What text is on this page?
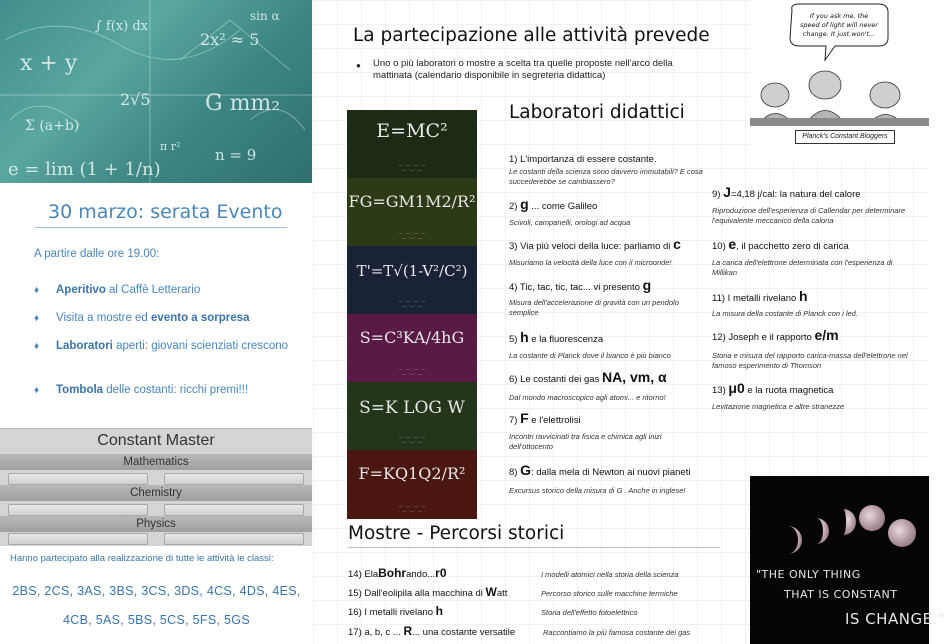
x + y
∫ f(x) dx
2x² ≈ 5
G mm₂
2√5
Σ (a+b)
e = lim (1 + 1/n)
n = 9
π r²
sin α
30 marzo: serata Evento
A partire dalle ore 19.00:
♦ Aperitivo al Caffè Letterario
♦ Visita a mostre ed evento a sorpresa
♦ Laboratori aperti: giovani scienziati crescono
♦ Tombola delle costanti: ricchi premi!!!
Constant Master
Mathematics
Chemistry
Physics
Hanno partecipato alla realizzazione di tutte le attività le classi:
2BS, 2CS, 3AS, 3BS, 3CS, 3DS, 4CS, 4DS, 4ES,
4CB, 5AS, 5BS, 5CS, 5FS, 5GS
La partecipazione alle attività prevede
● Uno o più laboratori o mostre a scelta tra quelle proposte nell'arco della mattinata (calendario disponibile in segreteria didattica)
E=MC²
— · — · — · —
— · — · —
FG=GM1M2/R²
— · — · — · —
— · — · —
T'=T√(1-V²/C²)
— · — · — · —
— · — · —
S=C³KA/4hG
— · — · — · —
— · — · —
S=K LOG W
— · — · — · —
— · — · —
F=KQ1Q2/R²
— · — · — · —
— · — · —
Laboratori didattici
1) L'importanza di essere costante.
Le costanti della scienza sono davvero immutabili? E cosa succederebbe se cambiassero?
2) g ... come Galileo
Scivoli, campanelli, orologi ad acqua
3) Via più veloci della luce: parliamo di c
Misuriamo la velocità della luce con il microonde!
4) Tic, tac, tic, tac... vi presento g
Misura dell'accelerazione di gravità con un pendolo semplice
5) h e la fluorescenza
La costante di Planck dove il bianco è più bianco
6) Le costanti dei gas NA, vm, α
Dal mondo macroscopico agli atomi... e ritorno!
7) F e l'elettrolisi
Incontri ravvicinati tra fisica e chimica agli inizi dell'ottocento
8) G: dalla mela di Newton ai nuovi pianeti
Excursus storico della misura di G . Anche in inglese!
9) J=4,18 j/cal: la natura del calore
Riproduzione dell'esperienza di Callendar per determinare l'equivalente meccanico della caloria
10) e, il pacchetto zero di carica
La carica dell'elettrone determinata con l'esperienza di Millikan
11) I metalli rivelano h
La misura della costante di Planck con i led.
12) Joseph e il rapporto e/m
Storia e misura del rapporto carica-massa dell'elettrone nel famoso esperimento di Thomson
13) μ0 e la ruota magnetica
Levitazione magnetica e altre stranezze
Mostre - Percorsi storici
14) ElaBohrando...r0	I modelli atomici nella storia della scienza
15) Dall'eolipila alla macchina di Watt	Percorso storico sulle macchine termiche
16) I metalli rivelano h	Storia dell'effetto fotoelettrico
17) a, b, c ... R... una costante versatile	Raccontiamo la più famosa costante dei gas
If you ask me, the
speed of light will never
change. It just won't...
Planck's Constant Bloggers
"THE ONLY THING
THAT IS CONSTANT
IS CHANGE."
